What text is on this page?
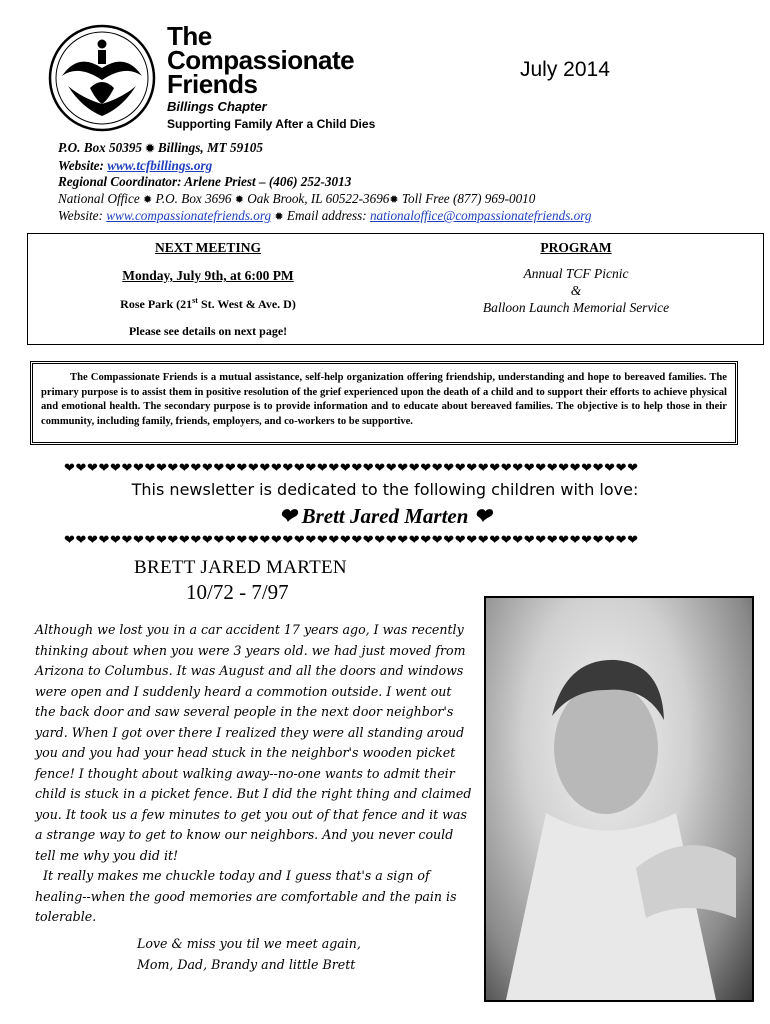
The
Compassionate
Friends
Billings Chapter
Supporting Family After a Child Dies
July 2014
P.O. Box 50395 ✹ Billings, MT 59105
Website: www.tcfbillings.org
Regional Coordinator: Arlene Priest – (406) 252-3013
National Office ✹ P.O. Box 3696 ✹ Oak Brook, IL 60522-3696✹ Toll Free (877) 969-0010
Website: www.compassionatefriends.org ✹ Email address: nationaloffice@compassionatefriends.org
NEXT MEETING
Monday, July 9th, at 6:00 PM
Rose Park (21st St. West & Ave. D)
Please see details on next page!
PROGRAM
Annual TCF Picnic
&
Balloon Launch Memorial Service
The Compassionate Friends is a mutual assistance, self-help organization offering friendship, understanding and hope to bereaved families. The primary purpose is to assist them in positive resolution of the grief experienced upon the death of a child and to support their efforts to achieve physical and emotional health. The secondary purpose is to provide information and to educate about bereaved families. The objective is to help those in their community, including family, friends, employers, and co-workers to be supportive.
❤❤❤❤❤❤❤❤❤❤❤❤❤❤❤❤❤❤❤❤❤❤❤❤❤❤❤❤❤❤❤❤❤❤❤❤❤❤❤❤❤❤❤❤❤❤❤❤❤❤
This newsletter is dedicated to the following children with love:
❤ Brett Jared Marten ❤
❤❤❤❤❤❤❤❤❤❤❤❤❤❤❤❤❤❤❤❤❤❤❤❤❤❤❤❤❤❤❤❤❤❤❤❤❤❤❤❤❤❤❤❤❤❤❤❤❤❤
BRETT JARED MARTEN
10/72 - 7/97

Although we lost you in a car accident 17 years ago, I was recently thinking about when you were 3 years old. we had just moved from Arizona to Columbus. It was August and all the doors and windows were open and I suddenly heard a commotion outside. I went out the back door and saw several people in the next door neighbor's yard. When I got over there I realized they were all standing aroud you and you had your head stuck in the neighbor's wooden picket fence! I thought about walking away--no-one wants to admit their child is stuck in a picket fence. But I did the right thing and claimed you. It took us a few minutes to get you out of that fence and it was a strange way to get to know our neighbors. And you never could tell me why you did it!

It really makes me chuckle today and I guess that's a sign of healing--when the good memories are comfortable and the pain is tolerable.

Love & miss you til we meet again,
Mom, Dad, Brandy and little Brett
